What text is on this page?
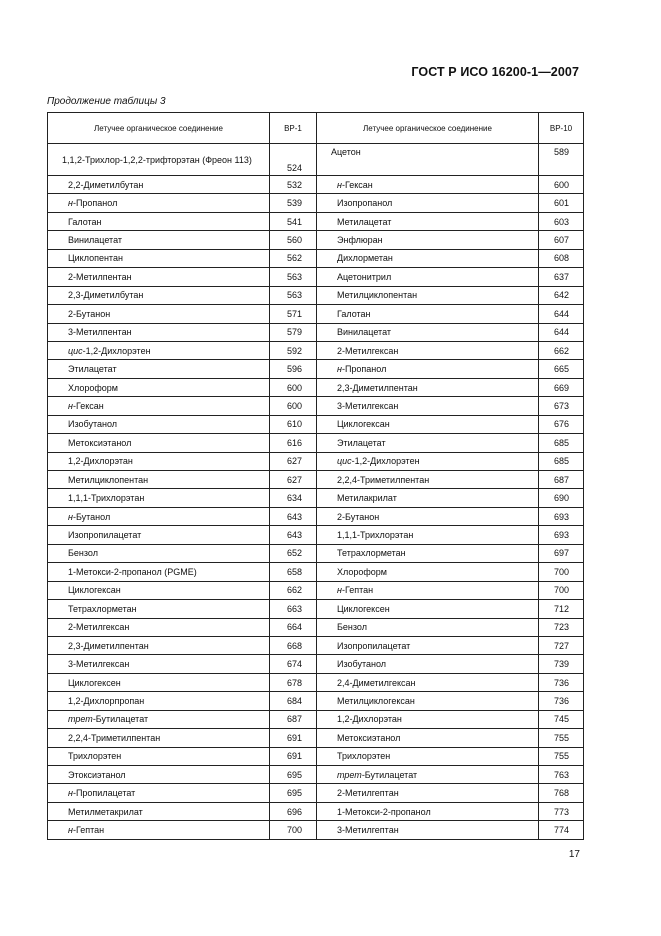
ГОСТ Р ИСО 16200-1—2007
Продолжение таблицы 3
Летучее органическое соединение	ВР-1	Летучее органическое соединение	ВР-10
1,1,2-Трихлор-1,2,2-трифторэтан (Фреон 113)	524	Ацетон	589
2,2-Диметилбутан	532	н-Гексан	600
н-Пропанол	539	Изопропанол	601
Галотан	541	Метилацетат	603
Винилацетат	560	Энфлюран	607
Циклопентан	562	Дихлорметан	608
2-Метилпентан	563	Ацетонитрил	637
2,3-Диметилбутан	563	Метилциклопентан	642
2-Бутанон	571	Галотан	644
3-Метилпентан	579	Винилацетат	644
цис-1,2-Дихлорэтен	592	2-Метилгексан	662
Этилацетат	596	н-Пропанол	665
Хлороформ	600	2,3-Диметилпентан	669
н-Гексан	600	3-Метилгексан	673
Изобутанол	610	Циклогексан	676
Метоксиэтанол	616	Этилацетат	685
1,2-Дихлорэтан	627	цис-1,2-Дихлорэтен	685
Метилциклопентан	627	2,2,4-Триметилпентан	687
1,1,1-Трихлорэтан	634	Метилакрилат	690
н-Бутанол	643	2-Бутанон	693
Изопропилацетат	643	1,1,1-Трихлорэтан	693
Бензол	652	Тетрахлорметан	697
1-Метокси-2-пропанол (PGME)	658	Хлороформ	700
Циклогексан	662	н-Гептан	700
Тетрахлорметан	663	Циклогексен	712
2-Метилгексан	664	Бензол	723
2,3-Диметилпентан	668	Изопропилацетат	727
3-Метилгексан	674	Изобутанол	739
Циклогексен	678	2,4-Диметилгексан	736
1,2-Дихлорпропан	684	Метилциклогексан	736
трет-Бутилацетат	687	1,2-Дихлорэтан	745
2,2,4-Триметилпентан	691	Метоксиэтанол	755
Трихлорэтен	691	Трихлорэтен	755
Этоксиэтанол	695	трет-Бутилацетат	763
н-Пропилацетат	695	2-Метилгептан	768
Метилметакрилат	696	1-Метокси-2-пропанол	773
н-Гептан	700	3-Метилгептан	774
17
